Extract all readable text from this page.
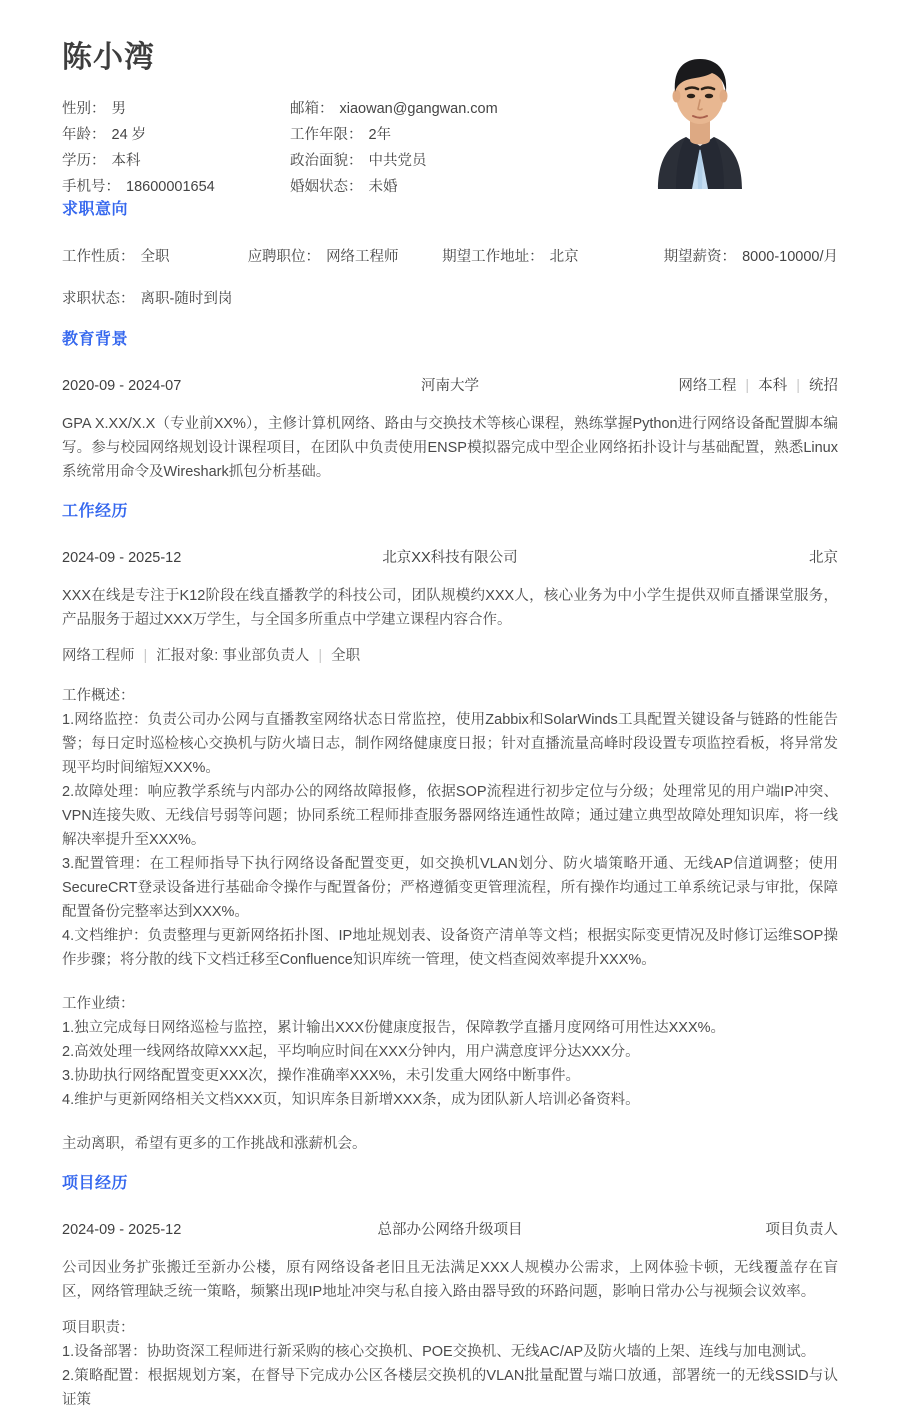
陈小湾
性别： 男	邮箱： xiaowan@gangwan.com
年龄： 24 岁	工作年限： 2年
学历： 本科	政治面貌： 中共党员
手机号： 18600001654	婚姻状态： 未婚
求职意向
工作性质： 全职	应聘职位： 网络工程师	期望工作地址： 北京	期望薪资： 8000-10000/月
求职状态： 离职-随时到岗
教育背景
2020-09 - 2024-07	河南大学	网络工程 | 本科 | 统招

GPA X.XX/X.X（专业前XX%），主修计算机网络、路由与交换技术等核心课程，熟练掌握Python进行网络设备配置脚本编写。参与校园网络规划设计课程项目，在团队中负责使用ENSP模拟器完成中型企业网络拓扑设计与基础配置，熟悉Linux系统常用命令及Wireshark抓包分析基础。

工作经历
2024-09 - 2025-12	北京XX科技有限公司	北京

XXX在线是专注于K12阶段在线直播教学的科技公司，团队规模约XXX人，核心业务为中小学生提供双师直播课堂服务，产品服务于超过XXX万学生，与全国多所重点中学建立课程内容合作。

网络工程师 | 汇报对象: 事业部负责人 | 全职
工作概述：
1.网络监控：负责公司办公网与直播教室网络状态日常监控，使用Zabbix和SolarWinds工具配置关键设备与链路的性能告警；每日定时巡检核心交换机与防火墙日志，制作网络健康度日报；针对直播流量高峰时段设置专项监控看板，将异常发现平均时间缩短XXX%。
2.故障处理：响应教学系统与内部办公的网络故障报修，依据SOP流程进行初步定位与分级；处理常见的用户端IP冲突、VPN连接失败、无线信号弱等问题；协同系统工程师排查服务器网络连通性故障；通过建立典型故障处理知识库，将一线解决率提升至XXX%。
3.配置管理：在工程师指导下执行网络设备配置变更，如交换机VLAN划分、防火墙策略开通、无线AP信道调整；使用SecureCRT登录设备进行基础命令操作与配置备份；严格遵循变更管理流程，所有操作均通过工单系统记录与审批，保障配置备份完整率达到XXX%。
4.文档维护：负责整理与更新网络拓扑图、IP地址规划表、设备资产清单等文档；根据实际变更情况及时修订运维SOP操作步骤；将分散的线下文档迁移至Confluence知识库统一管理，使文档查阅效率提升XXX%。
工作业绩：
1.独立完成每日网络巡检与监控，累计输出XXX份健康度报告，保障教学直播月度网络可用性达XXX%。
2.高效处理一线网络故障XXX起，平均响应时间在XXX分钟内，用户满意度评分达XXX分。
3.协助执行网络配置变更XXX次，操作准确率XXX%，未引发重大网络中断事件。
4.维护与更新网络相关文档XXX页，知识库条目新增XXX条，成为团队新人培训必备资料。
主动离职，希望有更多的工作挑战和涨薪机会。
项目经历
2024-09 - 2025-12	总部办公网络升级项目	项目负责人

公司因业务扩张搬迁至新办公楼，原有网络设备老旧且无法满足XXX人规模办公需求，上网体验卡顿，无线覆盖存在盲区，网络管理缺乏统一策略，频繁出现IP地址冲突与私自接入路由器导致的环路问题，影响日常办公与视频会议效率。

项目职责：
1.设备部署：协助资深工程师进行新采购的核心交换机、POE交换机、无线AC/AP及防火墙的上架、连线与加电测试。
2.策略配置：根据规划方案，在督导下完成办公区各楼层交换机的VLAN批量配置与端口放通，部署统一的无线SSID与认证策
